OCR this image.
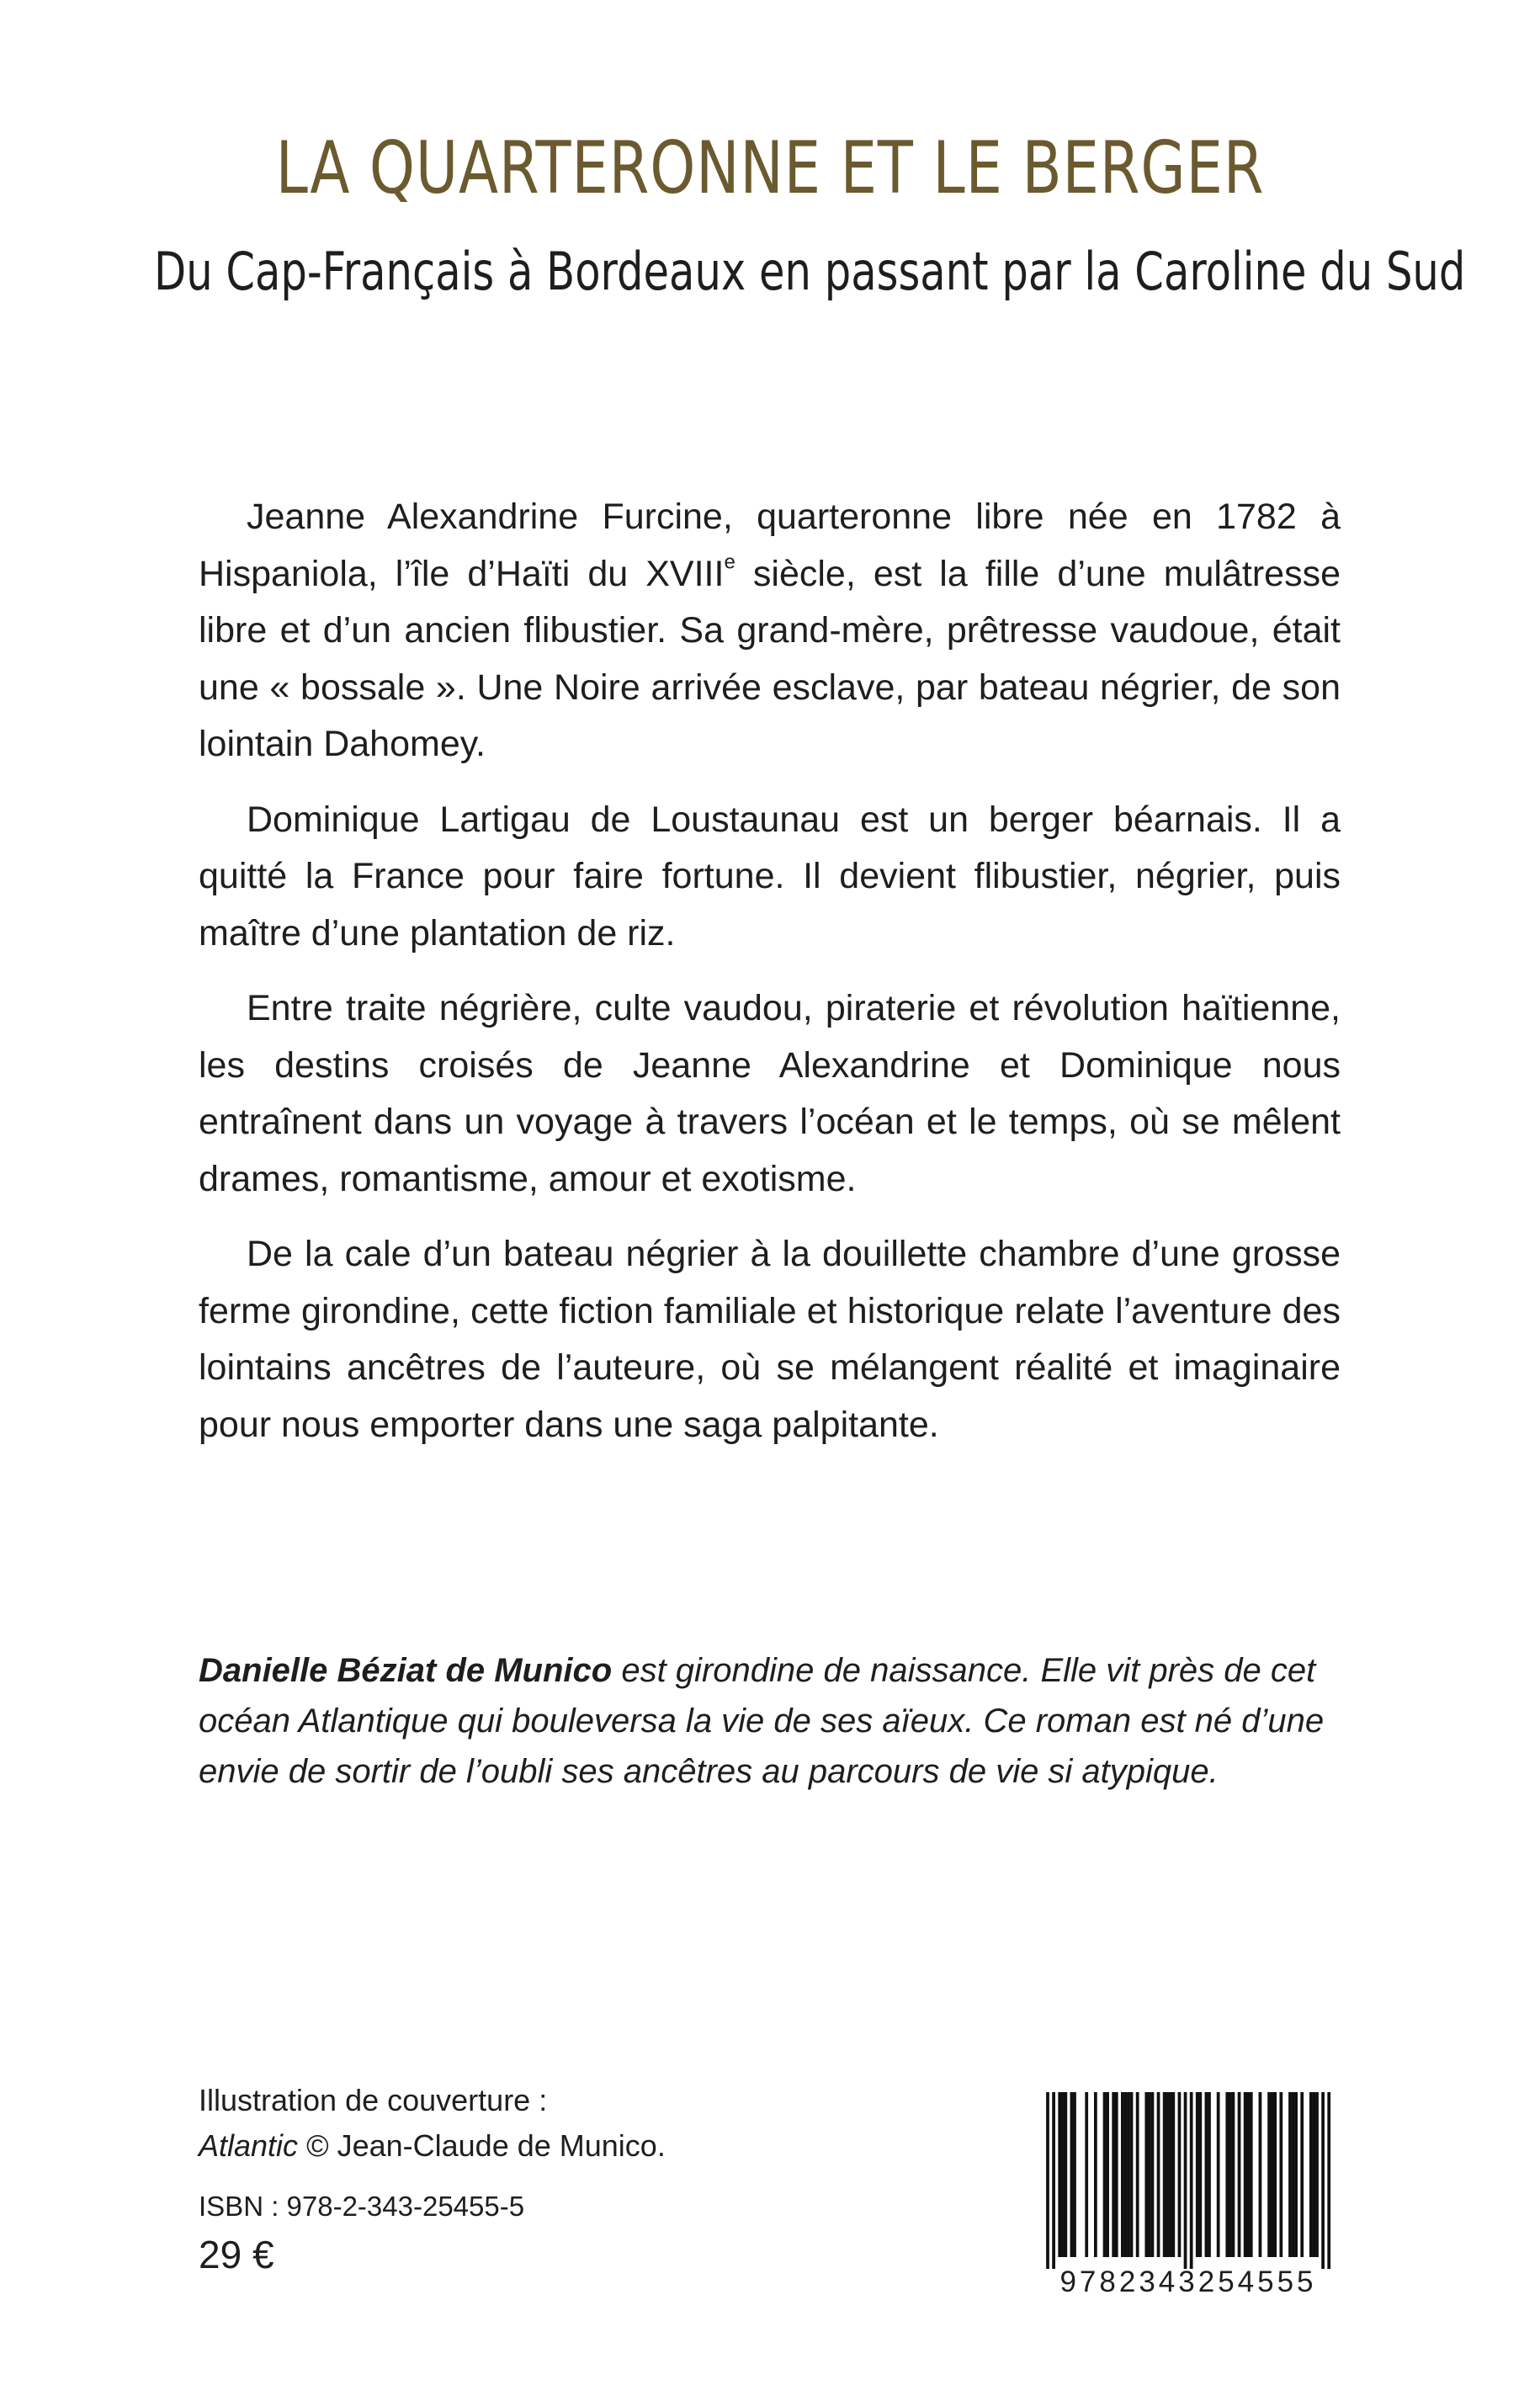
LA QUARTERONNE ET LE BERGER
Du Cap-Français à Bordeaux en passant par la Caroline du Sud

Jeanne Alexandrine Furcine, quarteronne libre née en 1782 à Hispaniola, l’île d’Haïti du XVIIIe siècle, est la fille d’une mulâtresse libre et d’un ancien flibustier. Sa grand-mère, prêtresse vaudoue, était une « bossale ». Une Noire arrivée esclave, par bateau négrier, de son lointain Dahomey.

Dominique Lartigau de Loustaunau est un berger béarnais. Il a quitté la France pour faire fortune. Il devient flibustier, négrier, puis maître d’une plantation de riz.

Entre traite négrière, culte vaudou, piraterie et révolution haïtienne, les destins croisés de Jeanne Alexandrine et Dominique nous entraînent dans un voyage à travers l’océan et le temps, où se mêlent drames, romantisme, amour et exotisme.

De la cale d’un bateau négrier à la douillette chambre d’une grosse ferme girondine, cette fiction familiale et historique relate l’aventure des lointains ancêtres de l’auteure, où se mélangent réalité et imaginaire pour nous emporter dans une saga palpitante.

Danielle Béziat de Munico est girondine de naissance. Elle vit près de cet océan Atlantique qui bouleversa la vie de ses aïeux. Ce roman est né d’une envie de sortir de l’oubli ses ancêtres au parcours de vie si atypique.
Illustration de couverture :
Atlantic © Jean-Claude de Munico.
ISBN : 978-2-343-25455-5
29 €
9782343254555
